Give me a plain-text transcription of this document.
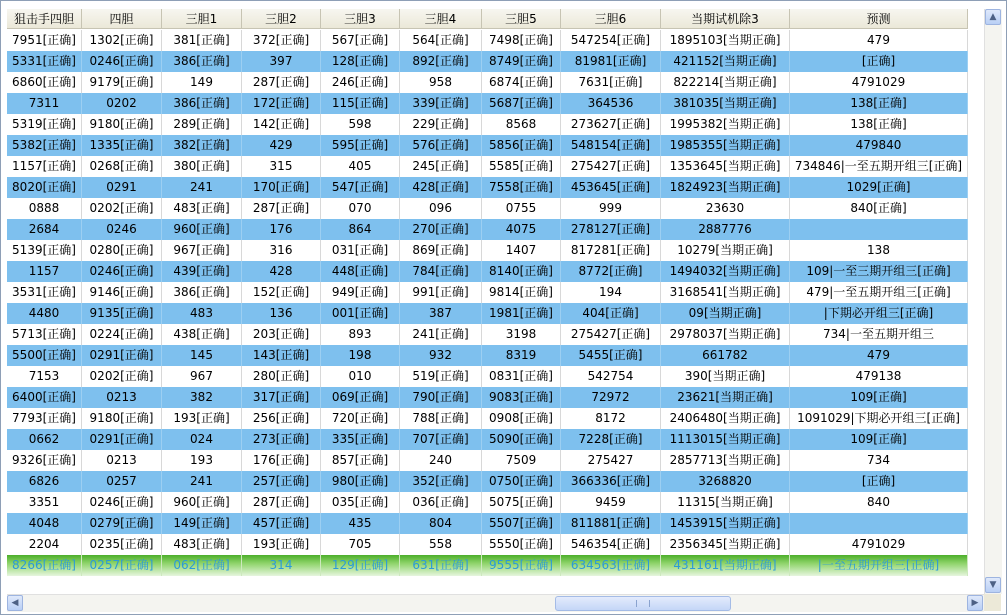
狙击手四胆	四胆	三胆1	三胆2	三胆3	三胆4	三胆5	三胆6	当期试机除3	预测
7951[正确]	1302[正确]	381[正确]	372[正确]	567[正确]	564[正确]	7498[正确]	547254[正确]	1895103[当期正确]	479
5331[正确]	0246[正确]	386[正确]	397	128[正确]	892[正确]	8749[正确]	81981[正确]	421152[当期正确]	[正确]
6860[正确]	9179[正确]	149	287[正确]	246[正确]	958	6874[正确]	7631[正确]	822214[当期正确]	4791029
7311	0202	386[正确]	172[正确]	115[正确]	339[正确]	5687[正确]	364536	381035[当期正确]	138[正确]
5319[正确]	9180[正确]	289[正确]	142[正确]	598	229[正确]	8568	273627[正确]	1995382[当期正确]	138[正确]
5382[正确]	1335[正确]	382[正确]	429	595[正确]	576[正确]	5856[正确]	548154[正确]	1985355[当期正确]	479840
1157[正确]	0268[正确]	380[正确]	315	405	245[正确]	5585[正确]	275427[正确]	1353645[当期正确]	734846|一至五期开组三[正确]
8020[正确]	0291	241	170[正确]	547[正确]	428[正确]	7558[正确]	453645[正确]	1824923[当期正确]	1029[正确]
0888	0202[正确]	483[正确]	287[正确]	070	096	0755	999	23630	840[正确]
2684	0246	960[正确]	176	864	270[正确]	4075	278127[正确]	2887776
5139[正确]	0280[正确]	967[正确]	316	031[正确]	869[正确]	1407	817281[正确]	10279[当期正确]	138
1157	0246[正确]	439[正确]	428	448[正确]	784[正确]	8140[正确]	8772[正确]	1494032[当期正确]	109|一至三期开组三[正确]
3531[正确]	9146[正确]	386[正确]	152[正确]	949[正确]	991[正确]	9814[正确]	194	3168541[当期正确]	479|一至五期开组三[正确]
4480	9135[正确]	483	136	001[正确]	387	1981[正确]	404[正确]	09[当期正确]	|下期必开组三[正确]
5713[正确]	0224[正确]	438[正确]	203[正确]	893	241[正确]	3198	275427[正确]	2978037[当期正确]	734|一至五期开组三
5500[正确]	0291[正确]	145	143[正确]	198	932	8319	5455[正确]	661782	479
7153	0202[正确]	967	280[正确]	010	519[正确]	0831[正确]	542754	390[当期正确]	479138
6400[正确]	0213	382	317[正确]	069[正确]	790[正确]	9083[正确]	72972	23621[当期正确]	109[正确]
7793[正确]	9180[正确]	193[正确]	256[正确]	720[正确]	788[正确]	0908[正确]	8172	2406480[当期正确]	1091029|下期必开组三[正确]
0662	0291[正确]	024	273[正确]	335[正确]	707[正确]	5090[正确]	7228[正确]	1113015[当期正确]	109[正确]
9326[正确]	0213	193	176[正确]	857[正确]	240	7509	275427	2857713[当期正确]	734
6826	0257	241	257[正确]	980[正确]	352[正确]	0750[正确]	366336[正确]	3268820	[正确]
3351	0246[正确]	960[正确]	287[正确]	035[正确]	036[正确]	5075[正确]	9459	11315[当期正确]	840
4048	0279[正确]	149[正确]	457[正确]	435	804	5507[正确]	811881[正确]	1453915[当期正确]
2204	0235[正确]	483[正确]	193[正确]	705	558	5550[正确]	546354[正确]	2356345[当期正确]	4791029
8266[正确]	0257[正确]	062[正确]	314	129[正确]	631[正确]	9555[正确]	634563[正确]	431161[当期正确]	|一至五期开组三[正确]
▲
▼
◀	▶
